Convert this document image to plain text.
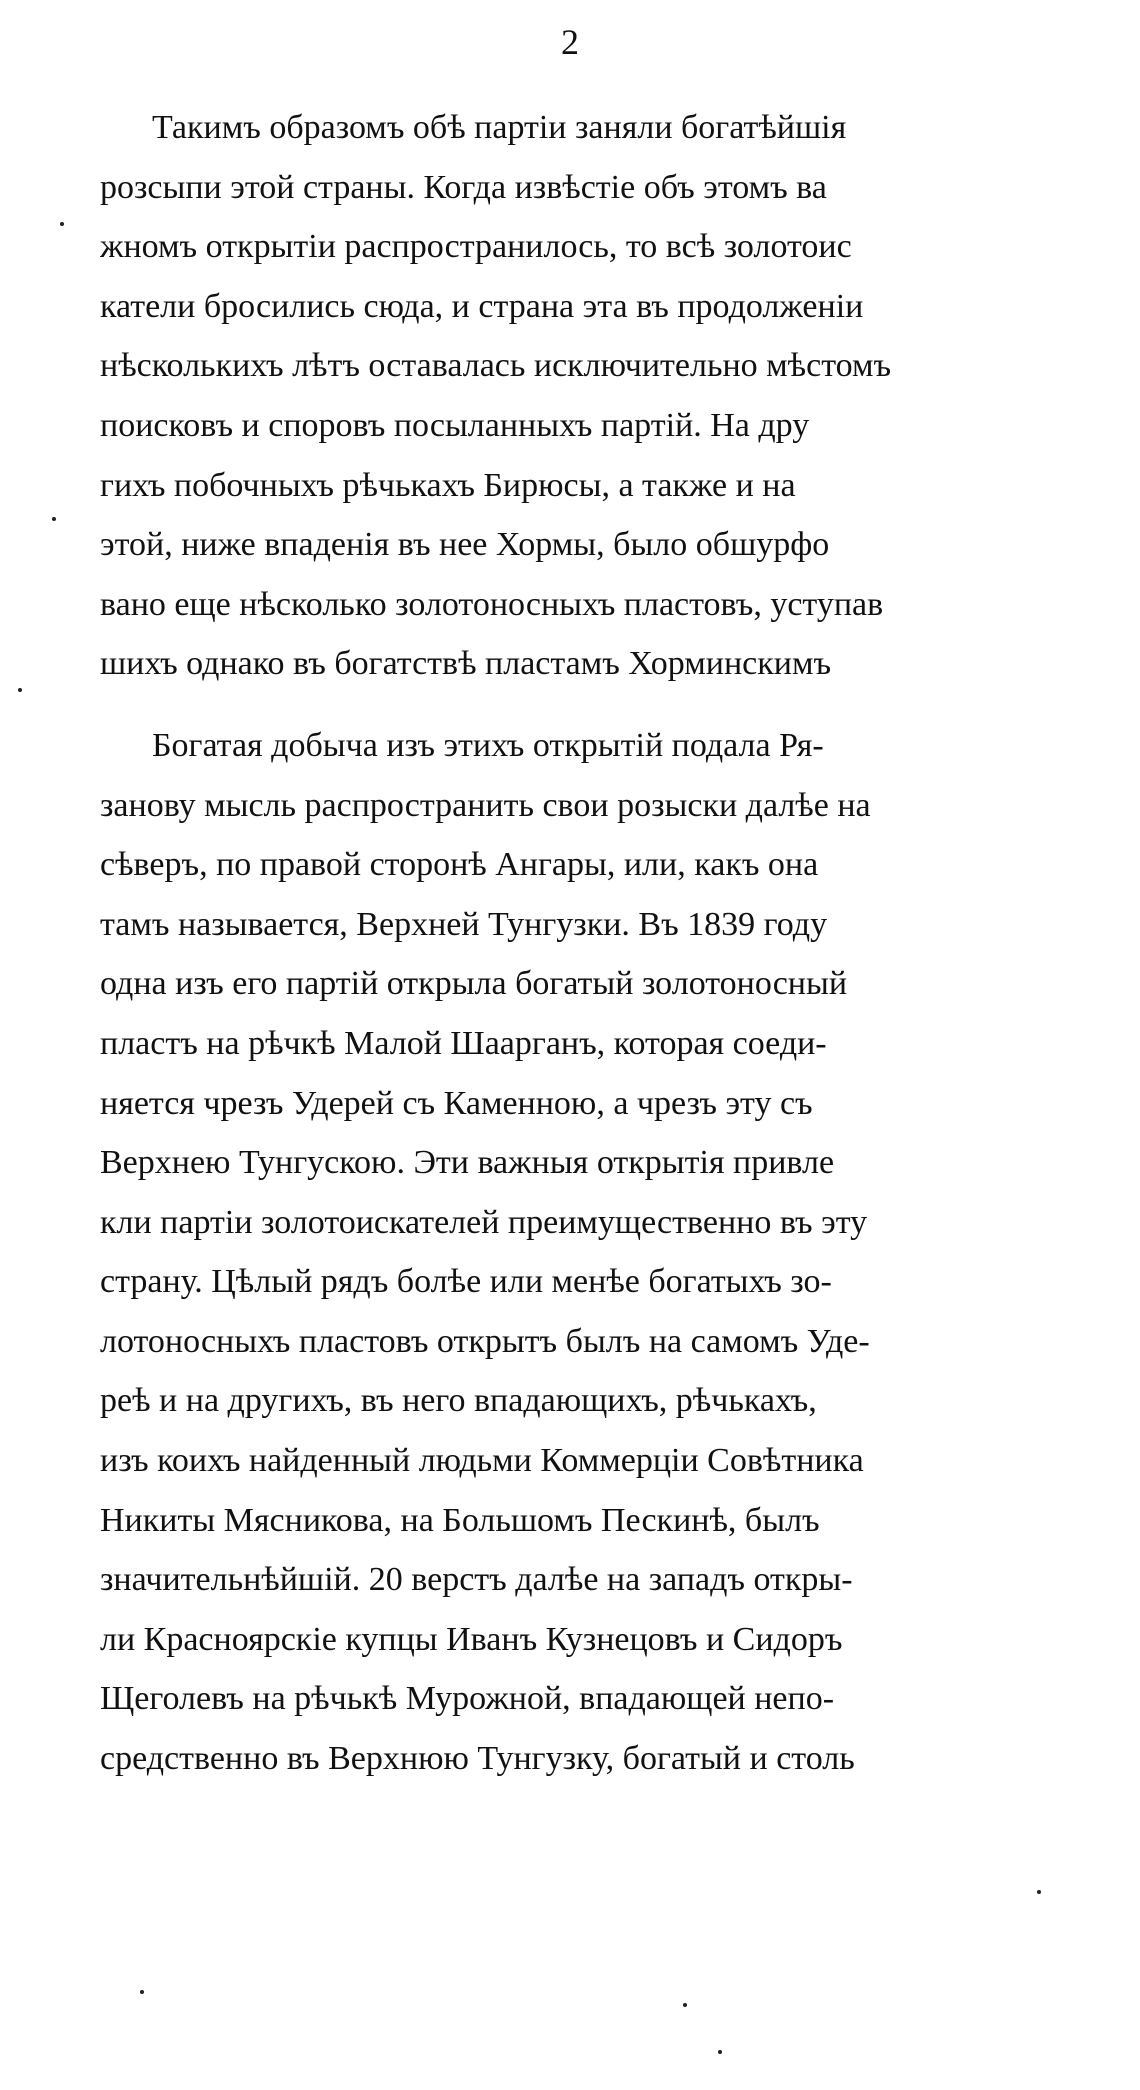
2
Такимъ образомъ обѣ партіи заняли богатѣйшія
розсыпи этой страны. Когда извѣстіе объ этомъ ва
жномъ открытіи распространилось, то всѣ золотоис
катели бросились сюда, и страна эта въ продолженіи
нѣсколькихъ лѣтъ оставалась исключительно мѣстомъ
поисковъ и споровъ посыланныхъ партій. На дру
гихъ побочныхъ рѣчькахъ Бирюсы, а также и на
этой, ниже впаденія въ нее Хормы, было обшурфо
вано еще нѣсколько золотоносныхъ пластовъ, уступав
шихъ однако въ богатствѣ пластамъ Хорминскимъ
Богатая добыча изъ этихъ открытій подала Ря-
занову мысль распространить свои розыски далѣе на
сѣверъ, по правой сторонѣ Ангары, или, какъ она
тамъ называется, Верхней Тунгузки. Въ 1839 году
одна изъ его партій открыла богатый золотоносный
пластъ на рѣчкѣ Малой Шаарганъ, которая соеди-
няется чрезъ Удерей съ Каменною, а чрезъ эту съ
Верхнею Тунгускою. Эти важныя открытія привле
кли партіи золотоискателей преимущественно въ эту
страну. Цѣлый рядъ болѣе или менѣе богатыхъ зо-
лотоносныхъ пластовъ открытъ былъ на самомъ Уде-
реѣ и на другихъ, въ него впадающихъ, рѣчькахъ,
изъ коихъ найденный людьми Коммерціи Совѣтника
Никиты Мясникова, на Большомъ Пескинѣ, былъ
значительнѣйшій. 20 верстъ далѣе на западъ откры-
ли Красноярскіе купцы Иванъ Кузнецовъ и Сидоръ
Щеголевъ на рѣчькѣ Мурожной, впадающей непо-
средственно въ Верхнюю Тунгузку, богатый и столь
